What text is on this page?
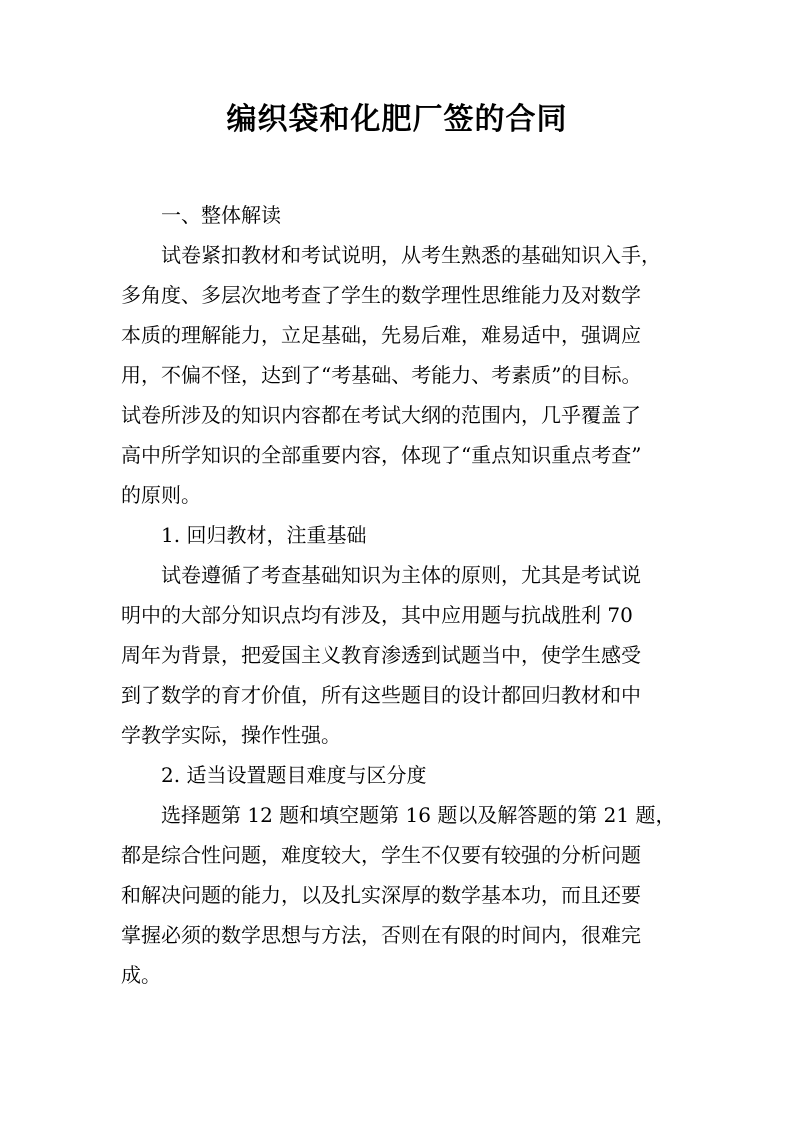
编织袋和化肥厂签的合同
一、整体解读
试卷紧扣教材和考试说明，从考生熟悉的基础知识入手，
多角度、多层次地考查了学生的数学理性思维能力及对数学
本质的理解能力，立足基础，先易后难，难易适中，强调应
用，不偏不怪，达到了“考基础、考能力、考素质”的目标。
试卷所涉及的知识内容都在考试大纲的范围内，几乎覆盖了
高中所学知识的全部重要内容，体现了“重点知识重点考查”
的原则。
1. 回归教材，注重基础
试卷遵循了考查基础知识为主体的原则，尤其是考试说
明中的大部分知识点均有涉及，其中应用题与抗战胜利 70
周年为背景，把爱国主义教育渗透到试题当中，使学生感受
到了数学的育才价值，所有这些题目的设计都回归教材和中
学教学实际，操作性强。
2. 适当设置题目难度与区分度
选择题第 12 题和填空题第 16 题以及解答题的第 21 题，
都是综合性问题，难度较大，学生不仅要有较强的分析问题
和解决问题的能力，以及扎实深厚的数学基本功，而且还要
掌握必须的数学思想与方法，否则在有限的时间内，很难完
成。
